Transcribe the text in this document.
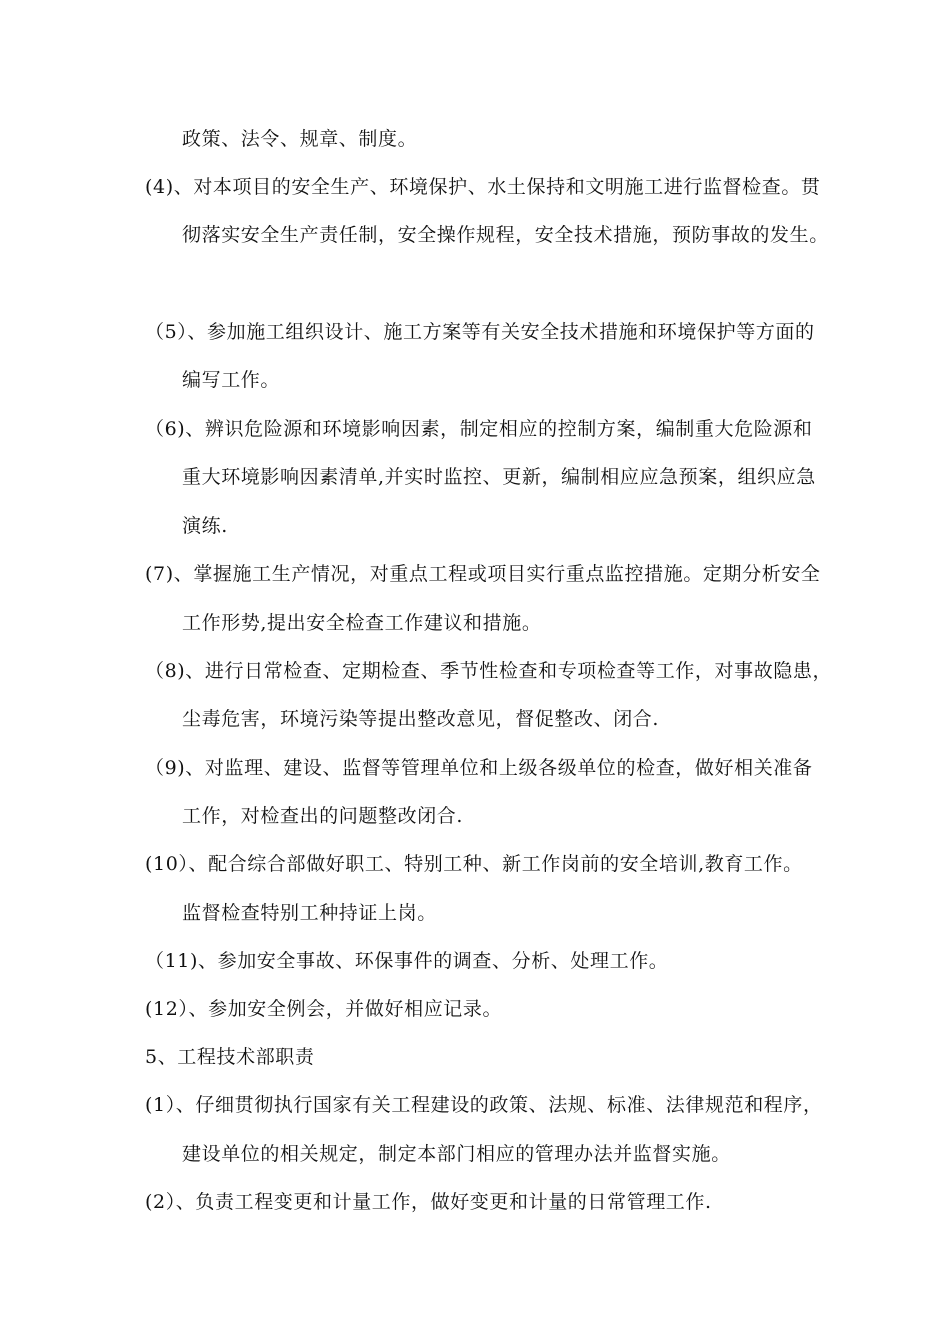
政策、法令、规章、制度。
(4)、对本项目的安全生产、环境保护、水土保持和文明施工进行监督检查。贯
彻落实安全生产责任制，安全操作规程，安全技术措施，预防事故的发生。
（5）、参加施工组织设计、施工方案等有关安全技术措施和环境保护等方面的
编写工作。
（6)、辨识危险源和环境影响因素，制定相应的控制方案，编制重大危险源和
重大环境影响因素清单,并实时监控、更新，编制相应应急预案，组织应急
演练.
(7)、掌握施工生产情况，对重点工程或项目实行重点监控措施。定期分析安全
工作形势,提出安全检查工作建议和措施。
（8)、进行日常检查、定期检查、季节性检查和专项检查等工作，对事故隐患，
尘毒危害，环境污染等提出整改意见，督促整改、闭合.
（9)、对监理、建设、监督等管理单位和上级各级单位的检查，做好相关准备
工作，对检查出的问题整改闭合.
(10）、配合综合部做好职工、特别工种、新工作岗前的安全培训,教育工作。
监督检查特别工种持证上岗。
（11)、参加安全事故、环保事件的调查、分析、处理工作。
(12）、参加安全例会，并做好相应记录。
5、工程技术部职责
(1）、仔细贯彻执行国家有关工程建设的政策、法规、标准、法律规范和程序，
建设单位的相关规定，制定本部门相应的管理办法并监督实施。
(2）、负责工程变更和计量工作，做好变更和计量的日常管理工作.
